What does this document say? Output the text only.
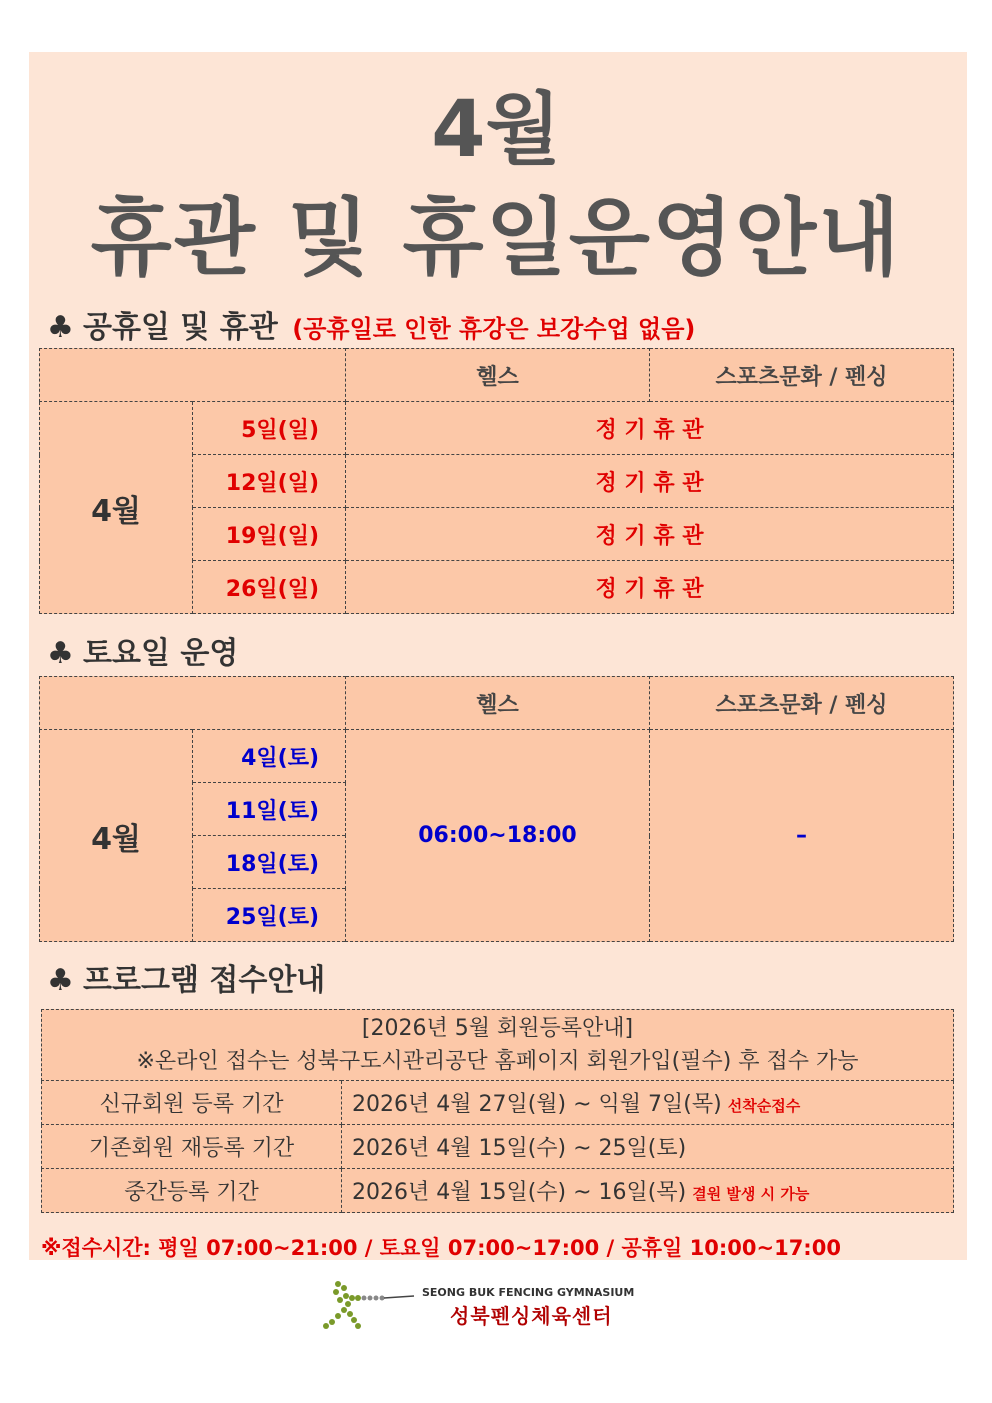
4월
휴관 및 휴일운영안내
♣ 공휴일 및 휴관 (공휴일로 인한 휴강은 보강수업 없음)
		헬스	스포츠문화 / 펜싱
4월	5일(일)	정 기 휴 관	
	12일(일)	정 기 휴 관	
	19일(일)	정 기 휴 관	
	26일(일)	정 기 휴 관	
♣ 토요일 운영
		헬스	스포츠문화 / 펜싱
4월	4일(토)	06:00~18:00	–
	11일(토)		
	18일(토)		
	25일(토)		
♣ 프로그램 접수안내
[2026년 5월 회원등록안내]
※온라인 접수는 성북구도시관리공단 홈페이지 회원가입(필수) 후 접수 가능	

신규회원 등록 기간	2026년 4월 27일(월) ~ 익월 7일(목) 선착순접수
기존회원 재등록 기간	2026년 4월 15일(수) ~ 25일(토)
중간등록 기간	2026년 4월 15일(수) ~ 16일(목) 결원 발생 시 가능
※접수시간: 평일 07:00~21:00 / 토요일 07:00~17:00 / 공휴일 10:00~17:00
SEONG BUK FENCING GYMNASIUM
성북펜싱체육센터
